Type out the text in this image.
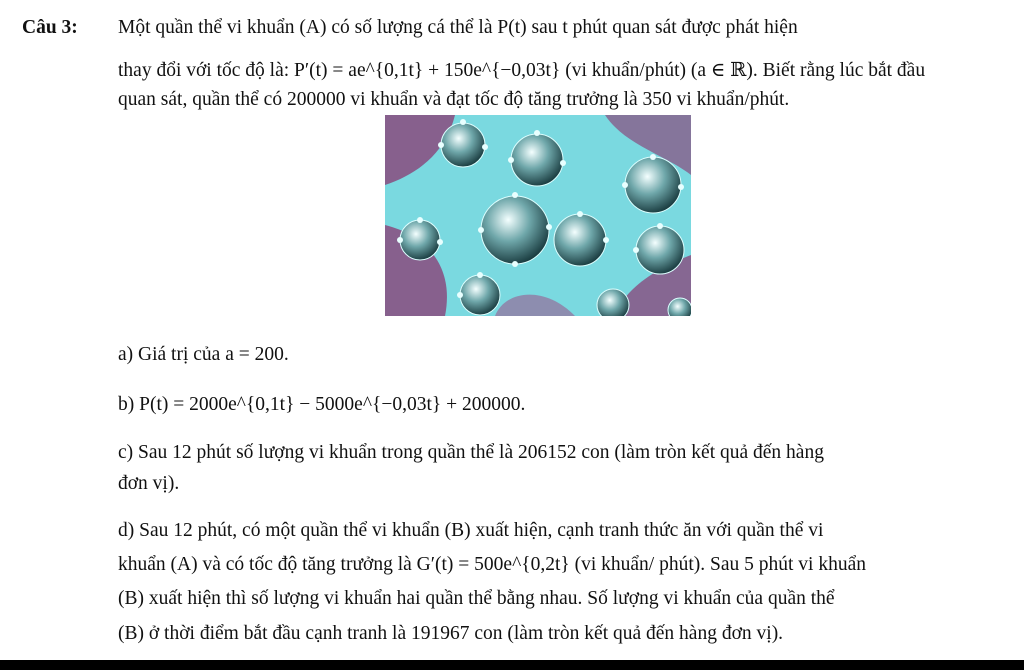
Câu 3: Một quần thể vi khuẩn (A) có số lượng cá thể là P(t) sau t phút quan sát được phát hiện
thay đổi với tốc độ là: P′(t) = ae^{0,1t} + 150e^{−0,03t} (vi khuẩn/phút) (a ∈ ℝ). Biết rằng lúc bắt đầu
quan sát, quần thể có 200000 vi khuẩn và đạt tốc độ tăng trưởng là 350 vi khuẩn/phút.
a) Giá trị của a = 200.
b) P(t) = 2000e^{0,1t} − 5000e^{−0,03t} + 200000.
c) Sau 12 phút số lượng vi khuẩn trong quần thể là 206152 con (làm tròn kết quả đến hàng
đơn vị).
d) Sau 12 phút, có một quần thể vi khuẩn (B) xuất hiện, cạnh tranh thức ăn với quần thể vi
khuẩn (A) và có tốc độ tăng trưởng là G′(t) = 500e^{0,2t} (vi khuẩn/ phút). Sau 5 phút vi khuẩn
(B) xuất hiện thì số lượng vi khuẩn hai quần thể bằng nhau. Số lượng vi khuẩn của quần thể
(B) ở thời điểm bắt đầu cạnh tranh là 191967 con (làm tròn kết quả đến hàng đơn vị).
